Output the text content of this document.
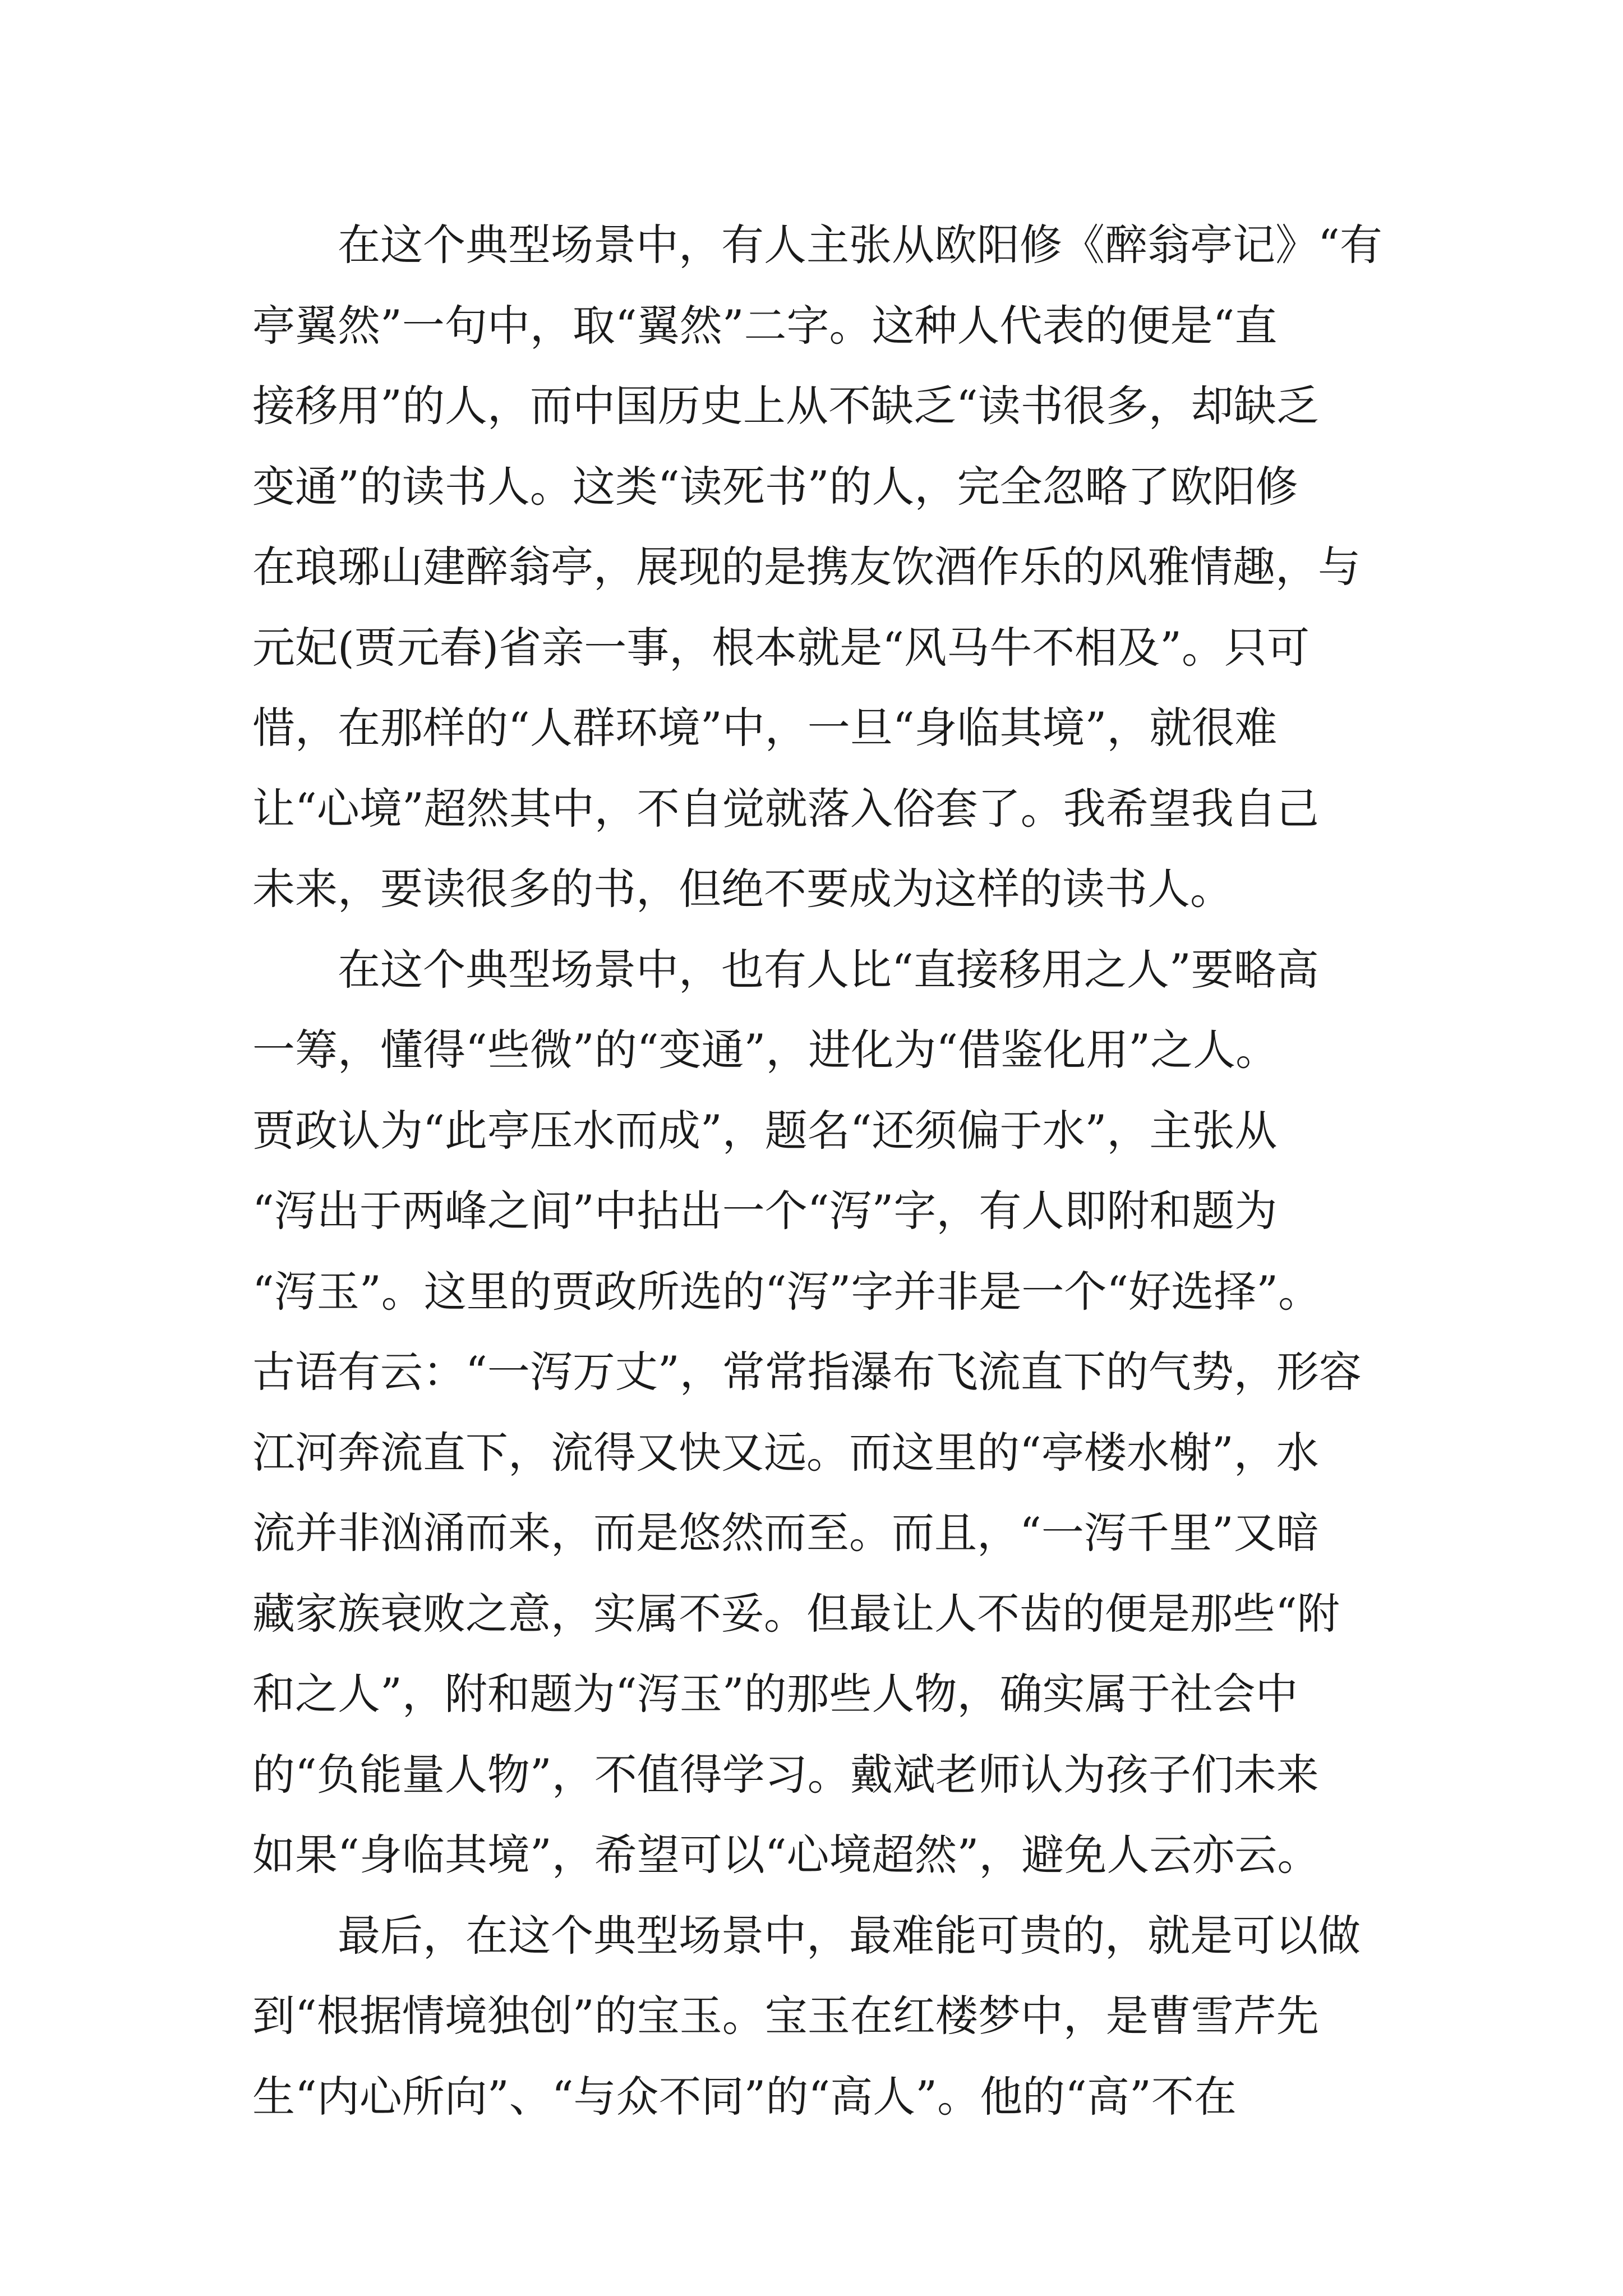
在这个典型场景中，有人主张从欧阳修《醉翁亭记》“有
亭翼然”一句中，取“翼然”二字。这种人代表的便是“直
接移用”的人，而中国历史上从不缺乏“读书很多，却缺乏
变通”的读书人。这类“读死书”的人，完全忽略了欧阳修
在琅琊山建醉翁亭，展现的是携友饮酒作乐的风雅情趣，与
元妃(贾元春)省亲一事，根本就是“风马牛不相及”。只可
惜，在那样的“人群环境”中，一旦“身临其境”，就很难
让“心境”超然其中，不自觉就落入俗套了。我希望我自己
未来，要读很多的书，但绝不要成为这样的读书人。
在这个典型场景中，也有人比“直接移用之人”要略高
一筹，懂得“些微”的“变通”，进化为“借鉴化用”之人。
贾政认为“此亭压水而成”，题名“还须偏于水”，主张从
“泻出于两峰之间”中拈出一个“泻”字，有人即附和题为
“泻玉”。这里的贾政所选的“泻”字并非是一个“好选择”。
古语有云：“一泻万丈”，常常指瀑布飞流直下的气势，形容
江河奔流直下，流得又快又远。而这里的“亭楼水榭”，水
流并非汹涌而来，而是悠然而至。而且，“一泻千里”又暗
藏家族衰败之意，实属不妥。但最让人不齿的便是那些“附
和之人”，附和题为“泻玉”的那些人物，确实属于社会中
的“负能量人物”，不值得学习。戴斌老师认为孩子们未来
如果“身临其境”，希望可以“心境超然”，避免人云亦云。
最后，在这个典型场景中，最难能可贵的，就是可以做
到“根据情境独创”的宝玉。宝玉在红楼梦中，是曹雪芹先
生“内心所向”、“与众不同”的“高人”。他的“高”不在
